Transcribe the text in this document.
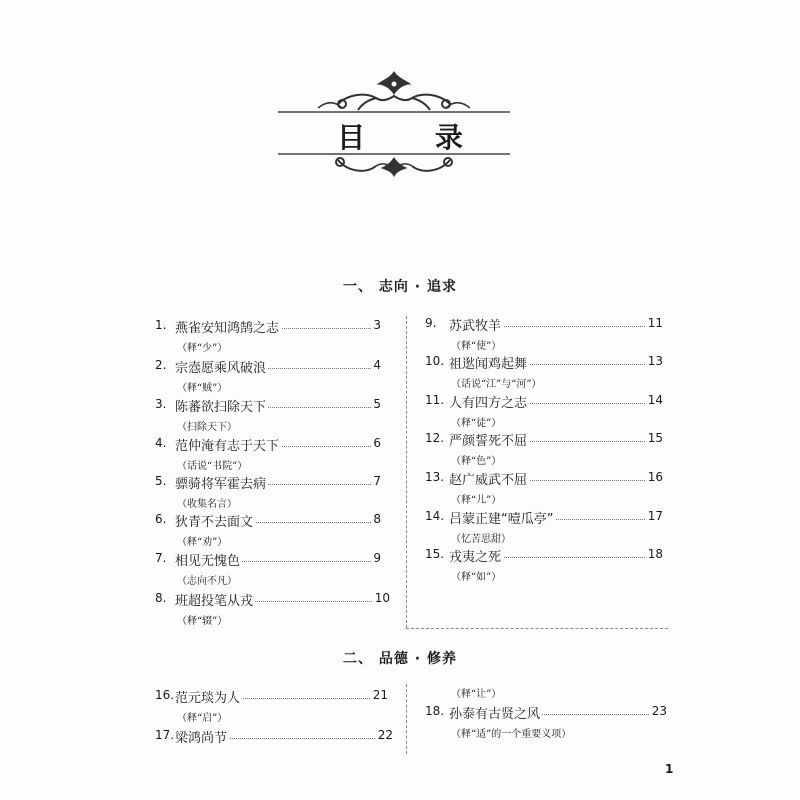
目 录
一、 志向 · 追求
1. 燕雀安知鸿鹄之志	3
（释“少”）
2. 宗悫愿乘风破浪	4
（释“贼”）
3. 陈蕃欲扫除天下	5
（扫除天下）
4. 范仲淹有志于天下	6
（话说“书院”）
5. 骠骑将军霍去病	7
（收集名言）
6. 狄青不去面文	8
（释“劝”）
7. 相见无愧色	9
（志向不凡）
8. 班超投笔从戎	10
（释“辍”）
9. 苏武牧羊	11
（释“使”）
10. 祖逖闻鸡起舞	13
（话说“江”与“河”）
11. 人有四方之志	14
（释“徒”）
12. 严颜誓死不屈	15
（释“色”）
13. 赵广威武不屈	16
（释“儿”）
14. 吕蒙正建“噎瓜亭”	17
（忆苦思甜）
15. 戎夷之死	18
（释“如”）
二、 品德 · 修养
16. 范元琰为人	21
（释“启”）
17. 梁鸿尚节	22
（释“让”）
18. 孙泰有古贤之风	23
（释“适”的一个重要义项）
1
